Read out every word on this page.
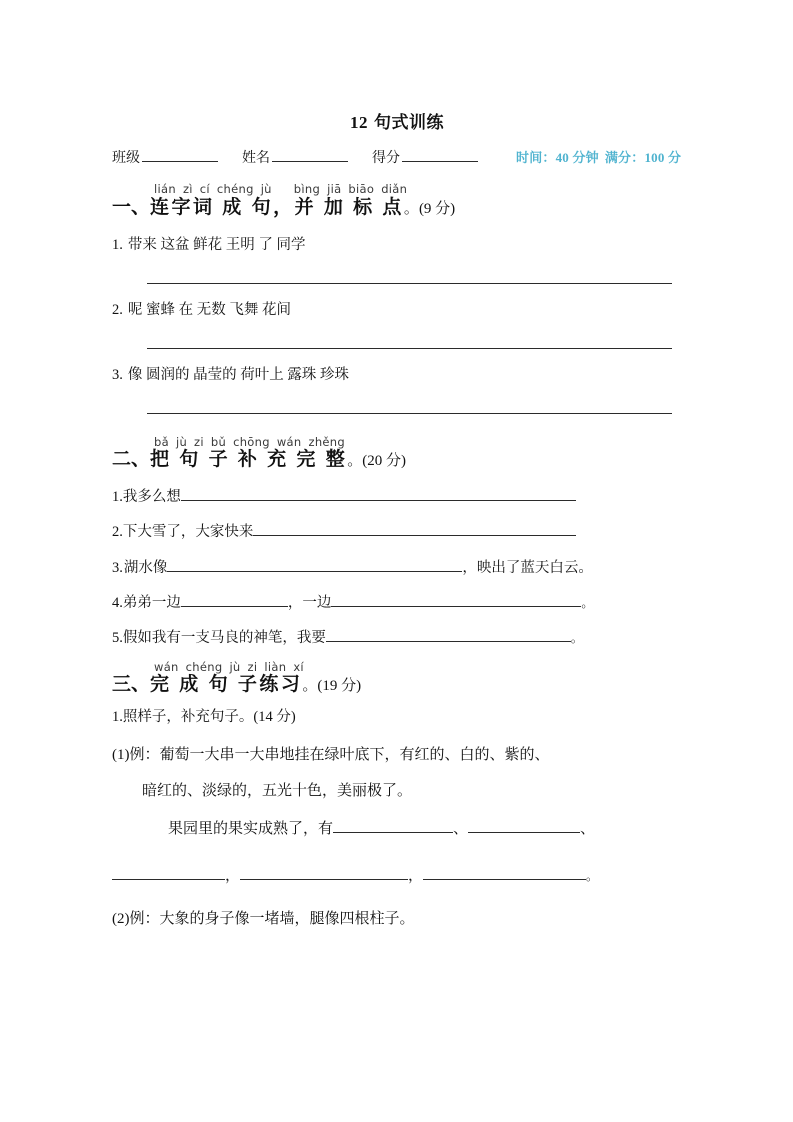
12 句式训练
班级	姓名	得分	时间：40 分钟 满分：100 分
lián zì cí chéng jù bìng jiā biāo diǎn
一、连字词 成 句，并 加 标 点。(9 分)
1. 带来 这盆 鲜花 王明 了 同学
2. 呢 蜜蜂 在 无数 飞舞 花间
3. 像 圆润的 晶莹的 荷叶上 露珠 珍珠
bǎ jù zi bǔ chōng wán zhěng
二、把 句 子 补 充 完 整。(20 分)
1.我多么想
2.下大雪了，大家快来
3.湖水像	，映出了蓝天白云。
4.弟弟一边	，一边	。
5.假如我有一支马良的神笔，我要	。
wán chéng jù zi liàn xí
三、完 成 句 子练习。(19 分)
1.照样子，补充句子。(14 分)
(1)例：葡萄一大串一大串地挂在绿叶底下，有红的、白的、紫的、
暗红的、淡绿的，五光十色，美丽极了。
果园里的果实成熟了，有	、	、
，	，	。
(2)例：大象的身子像一堵墙，腿像四根柱子。
